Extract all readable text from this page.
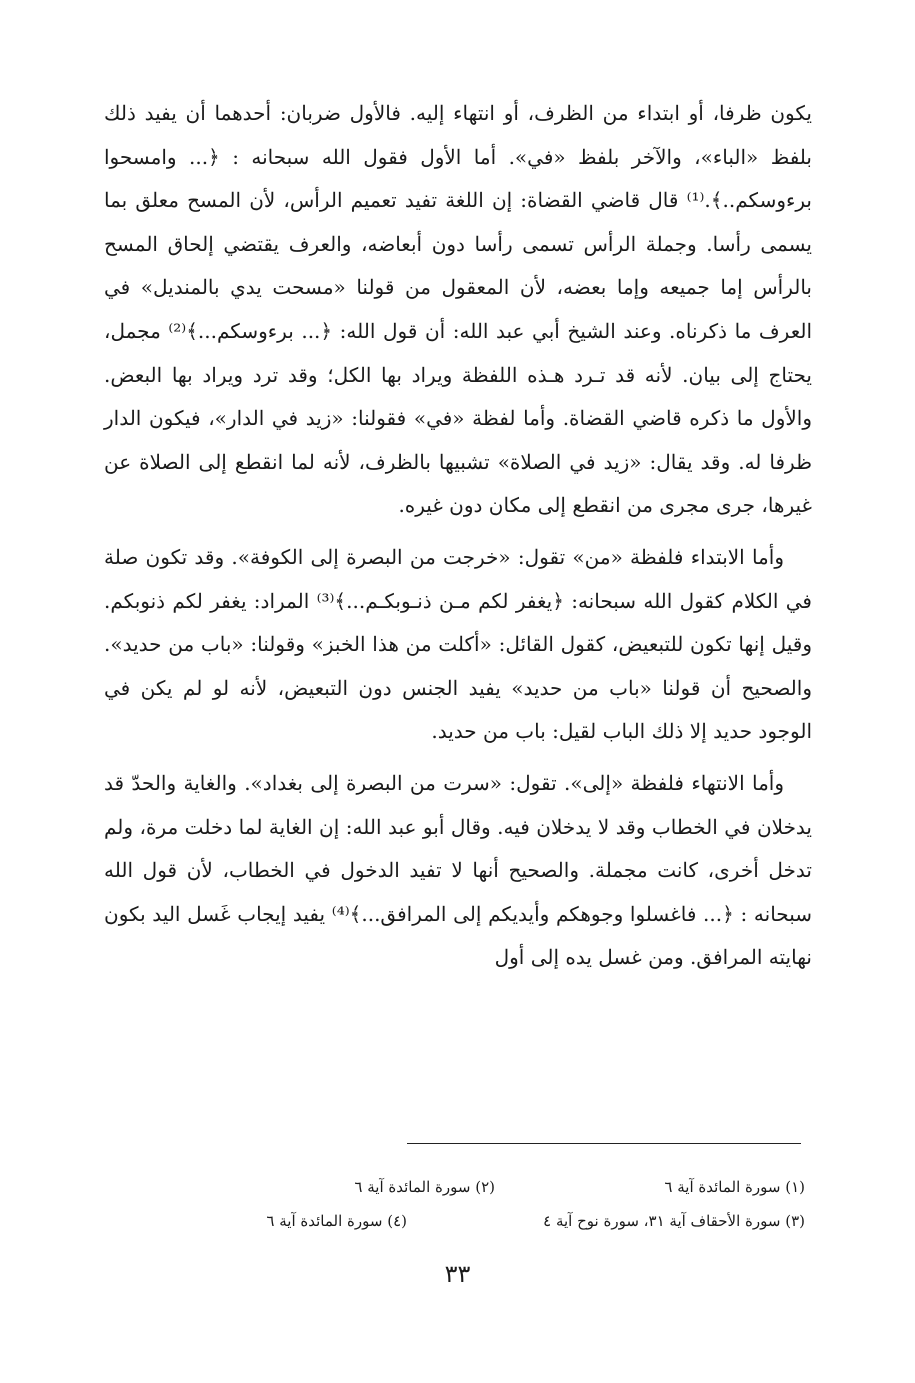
يكون ظرفا، أو ابتداء من الظرف، أو انتهاء إليه. فالأول ضربان: أحدهما أن يفيد ذلك بلفظ «الباء»، والآخر بلفظ «في». أما الأول فقول الله سبحانه : ﴿... وامسحوا برءوسكم..﴾.⁽¹⁾ قال قاضي القضاة: إن اللغة تفيد تعميم الرأس، لأن المسح معلق بما يسمى رأسا. وجملة الرأس تسمى رأسا دون أبعاضه، والعرف يقتضي إلحاق المسح بالرأس إما جميعه وإما بعضه، لأن المعقول من قولنا «مسحت يدي بالمنديل» في العرف ما ذكرناه. وعند الشيخ أبي عبد الله: أن قول الله: ﴿... برءوسكم...﴾⁽²⁾ مجمل، يحتاج إلى بيان. لأنه قد تـرد هـذه اللفظة ويراد بها الكل؛ وقد ترد ويراد بها البعض. والأول ما ذكره قاضي القضاة. وأما لفظة «في» فقولنا: «زيد في الدار»، فيكون الدار ظرفا له. وقد يقال: «زيد في الصلاة» تشبيها بالظرف، لأنه لما انقطع إلى الصلاة عن غيرها، جرى مجرى من انقطع إلى مكان دون غيره.

وأما الابتداء فلفظة «من» تقول: «خرجت من البصرة إلى الكوفة». وقد تكون صلة في الكلام كقول الله سبحانه: ﴿يغفر لكم مـن ذنـوبكـم...﴾⁽³⁾ المراد: يغفر لكم ذنوبكم. وقيل إنها تكون للتبعيض، كقول القائل: «أكلت من هذا الخبز» وقولنا: «باب من حديد». والصحيح أن قولنا «باب من حديد» يفيد الجنس دون التبعيض، لأنه لو لم يكن في الوجود حديد إلا ذلك الباب لقيل: باب من حديد.

وأما الانتهاء فلفظة «إلى». تقول: «سرت من البصرة إلى بغداد». والغاية والحدّ قد يدخلان في الخطاب وقد لا يدخلان فيه. وقال أبو عبد الله: إن الغاية لما دخلت مرة، ولم تدخل أخرى، كانت مجملة. والصحيح أنها لا تفيد الدخول في الخطاب، لأن قول الله سبحانه : ﴿... فاغسلوا وجوهكم وأيديكم إلى المرافق...﴾⁽⁴⁾ يفيد إيجاب غَسل اليد بكون نهايته المرافق. ومن غسل يده إلى أول

(١) سورة المائدة آية ٦
(٢) سورة المائدة آية ٦
(٣) سورة الأحقاف آية ٣١، سورة نوح آية ٤
(٤) سورة المائدة آية ٦
٣٣
